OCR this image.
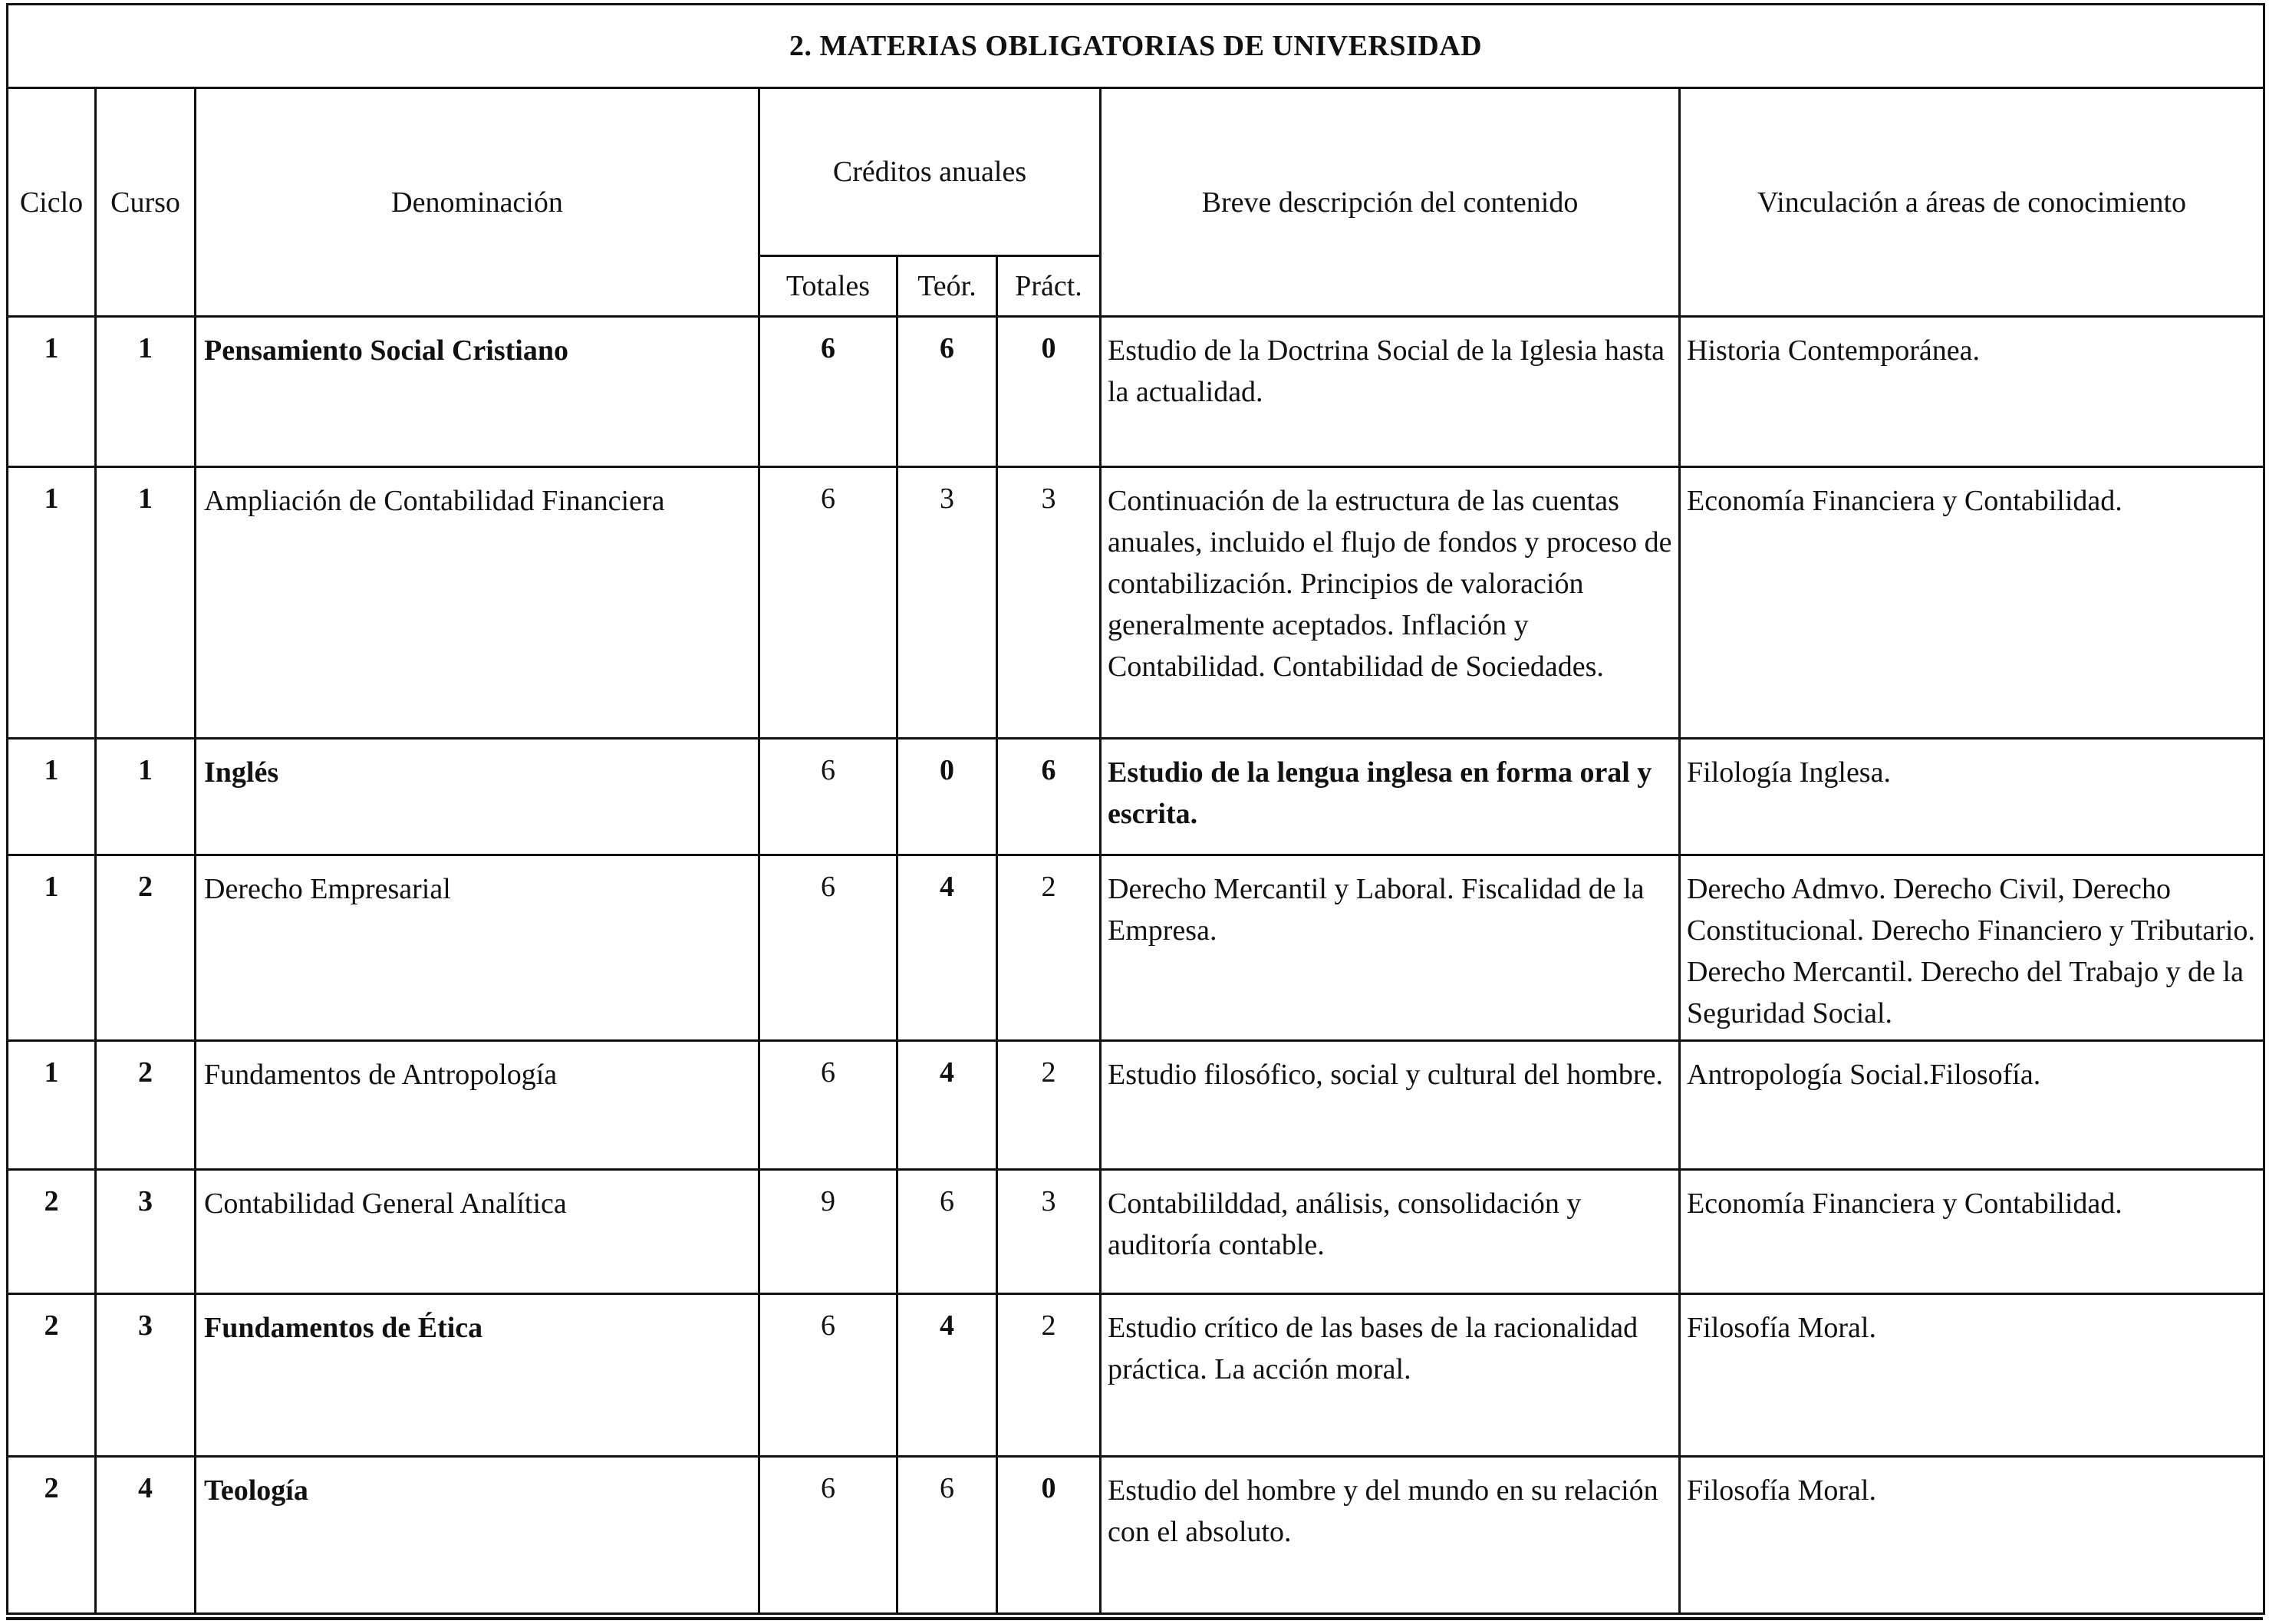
2. MATERIAS OBLIGATORIAS DE UNIVERSIDAD							
Ciclo	Curso	Denominación	Créditos anuales			Breve descripción del contenido	Vinculación a áreas de conocimiento
			Totales	Teór.	Práct.		
1	1	Pensamiento Social Cristiano	6	6	0	Estudio de la Doctrina Social de la Iglesia hasta la actualidad.	Historia Contemporánea.
1	1	Ampliación de Contabilidad Financiera	6	3	3	Continuación de la estructura de las cuentas anuales, incluido el flujo de fondos y proceso de contabilización. Principios de valoración generalmente aceptados. Inflación y Contabilidad. Contabilidad de Sociedades.	Economía Financiera y Contabilidad.
1	1	Inglés	6	0	6	Estudio de la lengua inglesa en forma oral y escrita.	Filología Inglesa.
1	2	Derecho Empresarial	6	4	2	Derecho Mercantil y Laboral. Fiscalidad de la Empresa.	Derecho Admvo. Derecho Civil, Derecho Constitucional. Derecho Financiero y Tributario. Derecho Mercantil. Derecho del Trabajo y de la Seguridad Social.
1	2	Fundamentos de Antropología	6	4	2	Estudio filosófico, social y cultural del hombre.	Antropología Social.Filosofía.
2	3	Contabilidad General Analítica	9	6	3	Contabililddad, análisis, consolidación y auditoría contable.	Economía Financiera y Contabilidad.
2	3	Fundamentos de Ética	6	4	2	Estudio crítico de las bases de la racionalidad práctica. La acción moral.	Filosofía Moral.
2	4	Teología	6	6	0	Estudio del hombre y del mundo en su relación con el absoluto.	Filosofía Moral.
